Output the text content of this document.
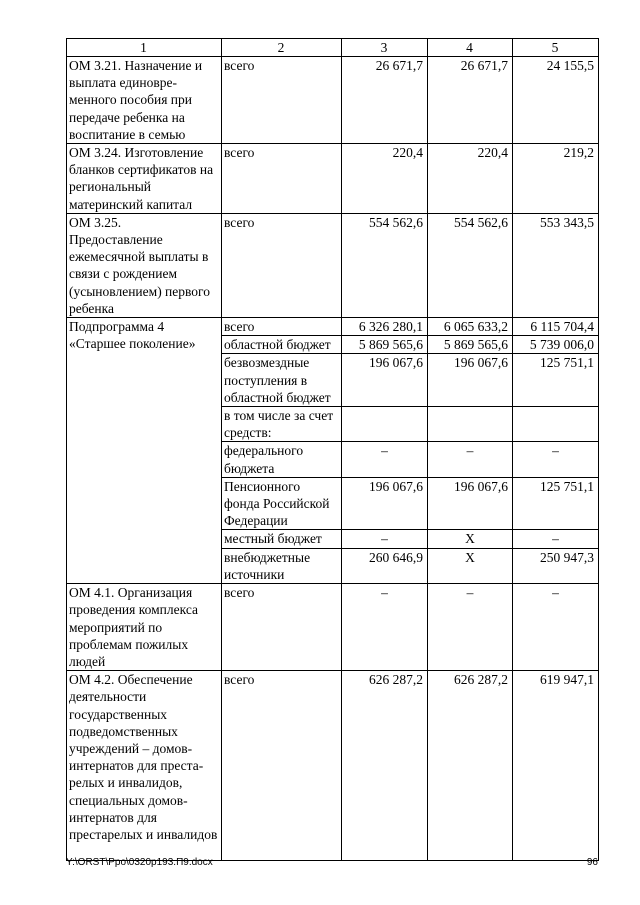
1	2	3	4	5
ОМ 3.21. Назначение и выплата единовре-менного пособия при передаче ребенка на воспитание в семью	всего	26 671,7	26 671,7	24 155,5
ОМ 3.24. Изготовление бланков сертификатов на региональный материнский капитал	всего	220,4	220,4	219,2
ОМ 3.25. Предоставление ежемесячной выплаты в связи с рождением (усыновлением) первого ребенка	всего	554 562,6	554 562,6	553 343,5
Подпрограмма 4 «Старшее поколение»	всего	6 326 280,1	6 065 633,2	6 115 704,4
	областной бюджет	5 869 565,6	5 869 565,6	5 739 006,0
	безвозмездные поступления в областной бюджет	196 067,6	196 067,6	125 751,1
	в том числе за счет средств:			
	федерального бюджета	–	–	–
	Пенсионного фонда Российской Федерации	196 067,6	196 067,6	125 751,1
	местный бюджет	–	Х	–
	внебюджетные источники	260 646,9	Х	250 947,3
ОМ 4.1. Организация проведения комплекса мероприятий по проблемам пожилых людей	всего	–	–	–
ОМ 4.2. Обеспечение деятельности государственных подведомственных учреждений – домов-интернатов для преста-релых и инвалидов, специальных домов-интернатов для престарелых и инвалидов	всего	626 287,2	626 287,2	619 947,1
Y:\ORST\Ppo\0320p193.П9.docx	96
